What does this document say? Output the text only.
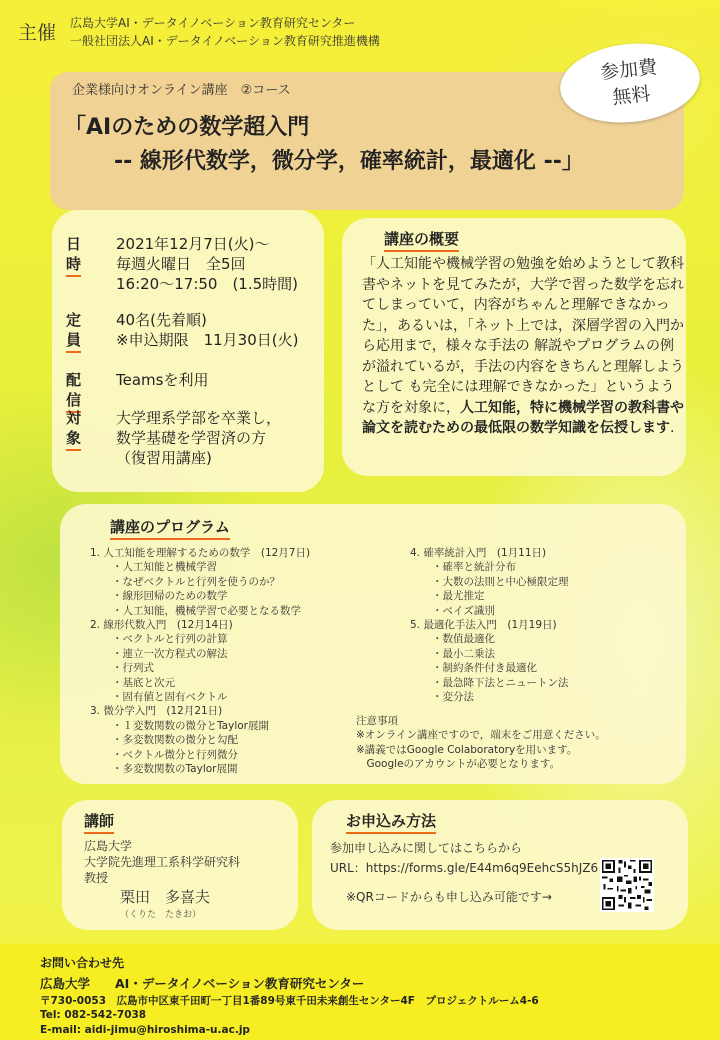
主催 広島大学AI・データイノベーション教育研究センター
一般社団法人AI・データイノベーション教育研究推進機構
企業様向けオンライン講座　②コース
「AIのための数学超入門
-- 線形代数学，微分学，確率統計，最適化 --」
参加費
無料
日時
2021年12月7日(火)～
毎週火曜日　全5回
16:20～17:50　(1.5時間)
定員
40名(先着順)
※申込期限　11月30日(火)
配信
Teamsを利用
対象
大学理系学部を卒業し，
数学基礎を学習済の方
（復習用講座)
講座の概要
「人工知能や機械学習の勉強を始めようとして教科書やネットを見てみたが，大学で習った数学を忘れてしまっていて，内容がちゃんと理解できなかった」，あるいは，「ネット上では，深層学習の入門から応用まで，様々な手法の 解説やプログラムの例が溢れているが，手法の内容をきちんと理解しようとして も完全には理解できなかった」というような方を対象に，人工知能，特に機械学習の教科書や論文を読むための最低限の数学知識を伝授します.
講座のプログラム
1. 人工知能を理解するための数学　(12月7日)
・人工知能と機械学習
・なぜベクトルと行列を使うのか？
・線形回帰のための数学
・人工知能，機械学習で必要となる数学
2. 線形代数入門　(12月14日)
・ベクトルと行列の計算
・連立一次方程式の解法
・行列式
・基底と次元
・固有値と固有ベクトル
3. 微分学入門　(12月21日)
・１変数関数の微分とTaylor展開
・多変数関数の微分と勾配
・ベクトル微分と行列微分
・多変数関数のTaylor展開
4. 確率統計入門　(1月11日)
・確率と統計分布
・大数の法則と中心極限定理
・最尤推定
・ベイズ識別
5. 最適化手法入門　(1月19日)
・数值最適化
・最小二乗法
・制約条件付き最適化
・最急降下法とニュートン法
・変分法
注意事項
※オンライン講座ですので，端末をご用意ください。
※講義ではGoogle Colaboratoryを用います。
　Googleのアカウントが必要となります。
講師
広島大学
大学院先進理工系科学研究科
教授
栗田　多喜夫
（くりた　たきお）
お申込み方法
参加申し込みに関してはこちらから
URL：https://forms.gle/E44m6q9EehcS5hJZ6
※QRコードからも申し込み可能です→
お問い合わせ先
広島大学　　AI・データイノベーション教育研究センター
〒730-0053　広島市中区東千田町一丁目1番89号東千田未来創生センター4F　プロジェクトルーム4-6
Tel: 082-542-7038
E-mail: aidi-jimu@hiroshima-u.ac.jp
